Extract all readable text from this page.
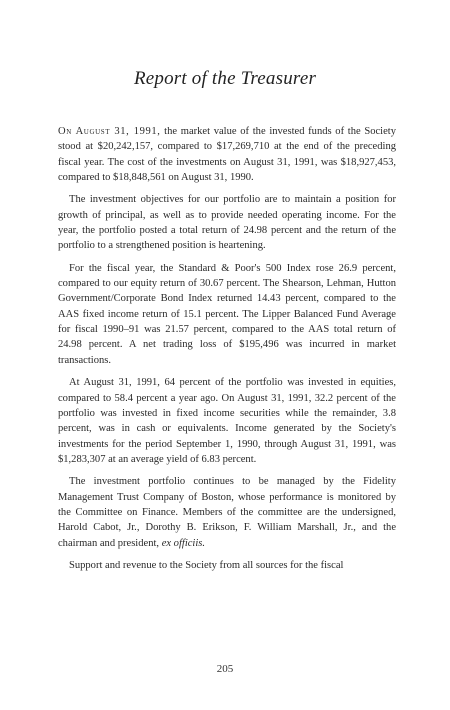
Report of the Treasurer

On August 31, 1991, the market value of the invested funds of the Society stood at $20,242,157, compared to $17,269,710 at the end of the preceding fiscal year. The cost of the investments on August 31, 1991, was $18,927,453, compared to $18,848,561 on August 31, 1990.

The investment objectives for our portfolio are to maintain a position for growth of principal, as well as to provide needed operating income. For the year, the portfolio posted a total return of 24.98 percent and the return of the portfolio to a strengthened position is heartening.

For the fiscal year, the Standard & Poor's 500 Index rose 26.9 percent, compared to our equity return of 30.67 percent. The Shearson, Lehman, Hutton Government/Corporate Bond Index returned 14.43 percent, compared to the AAS fixed income return of 15.1 percent. The Lipper Balanced Fund Average for fiscal 1990–91 was 21.57 percent, compared to the AAS total return of 24.98 percent. A net trading loss of $195,496 was incurred in market transactions.

At August 31, 1991, 64 percent of the portfolio was invested in equities, compared to 58.4 percent a year ago. On August 31, 1991, 32.2 percent of the portfolio was invested in fixed income securities while the remainder, 3.8 percent, was in cash or equivalents. Income generated by the Society's investments for the period September 1, 1990, through August 31, 1991, was $1,283,307 at an average yield of 6.83 percent.

The investment portfolio continues to be managed by the Fidelity Management Trust Company of Boston, whose performance is monitored by the Committee on Finance. Members of the committee are the undersigned, Harold Cabot, Jr., Dorothy B. Erikson, F. William Marshall, Jr., and the chairman and president, ex officiis.

Support and revenue to the Society from all sources for the fiscal

205
